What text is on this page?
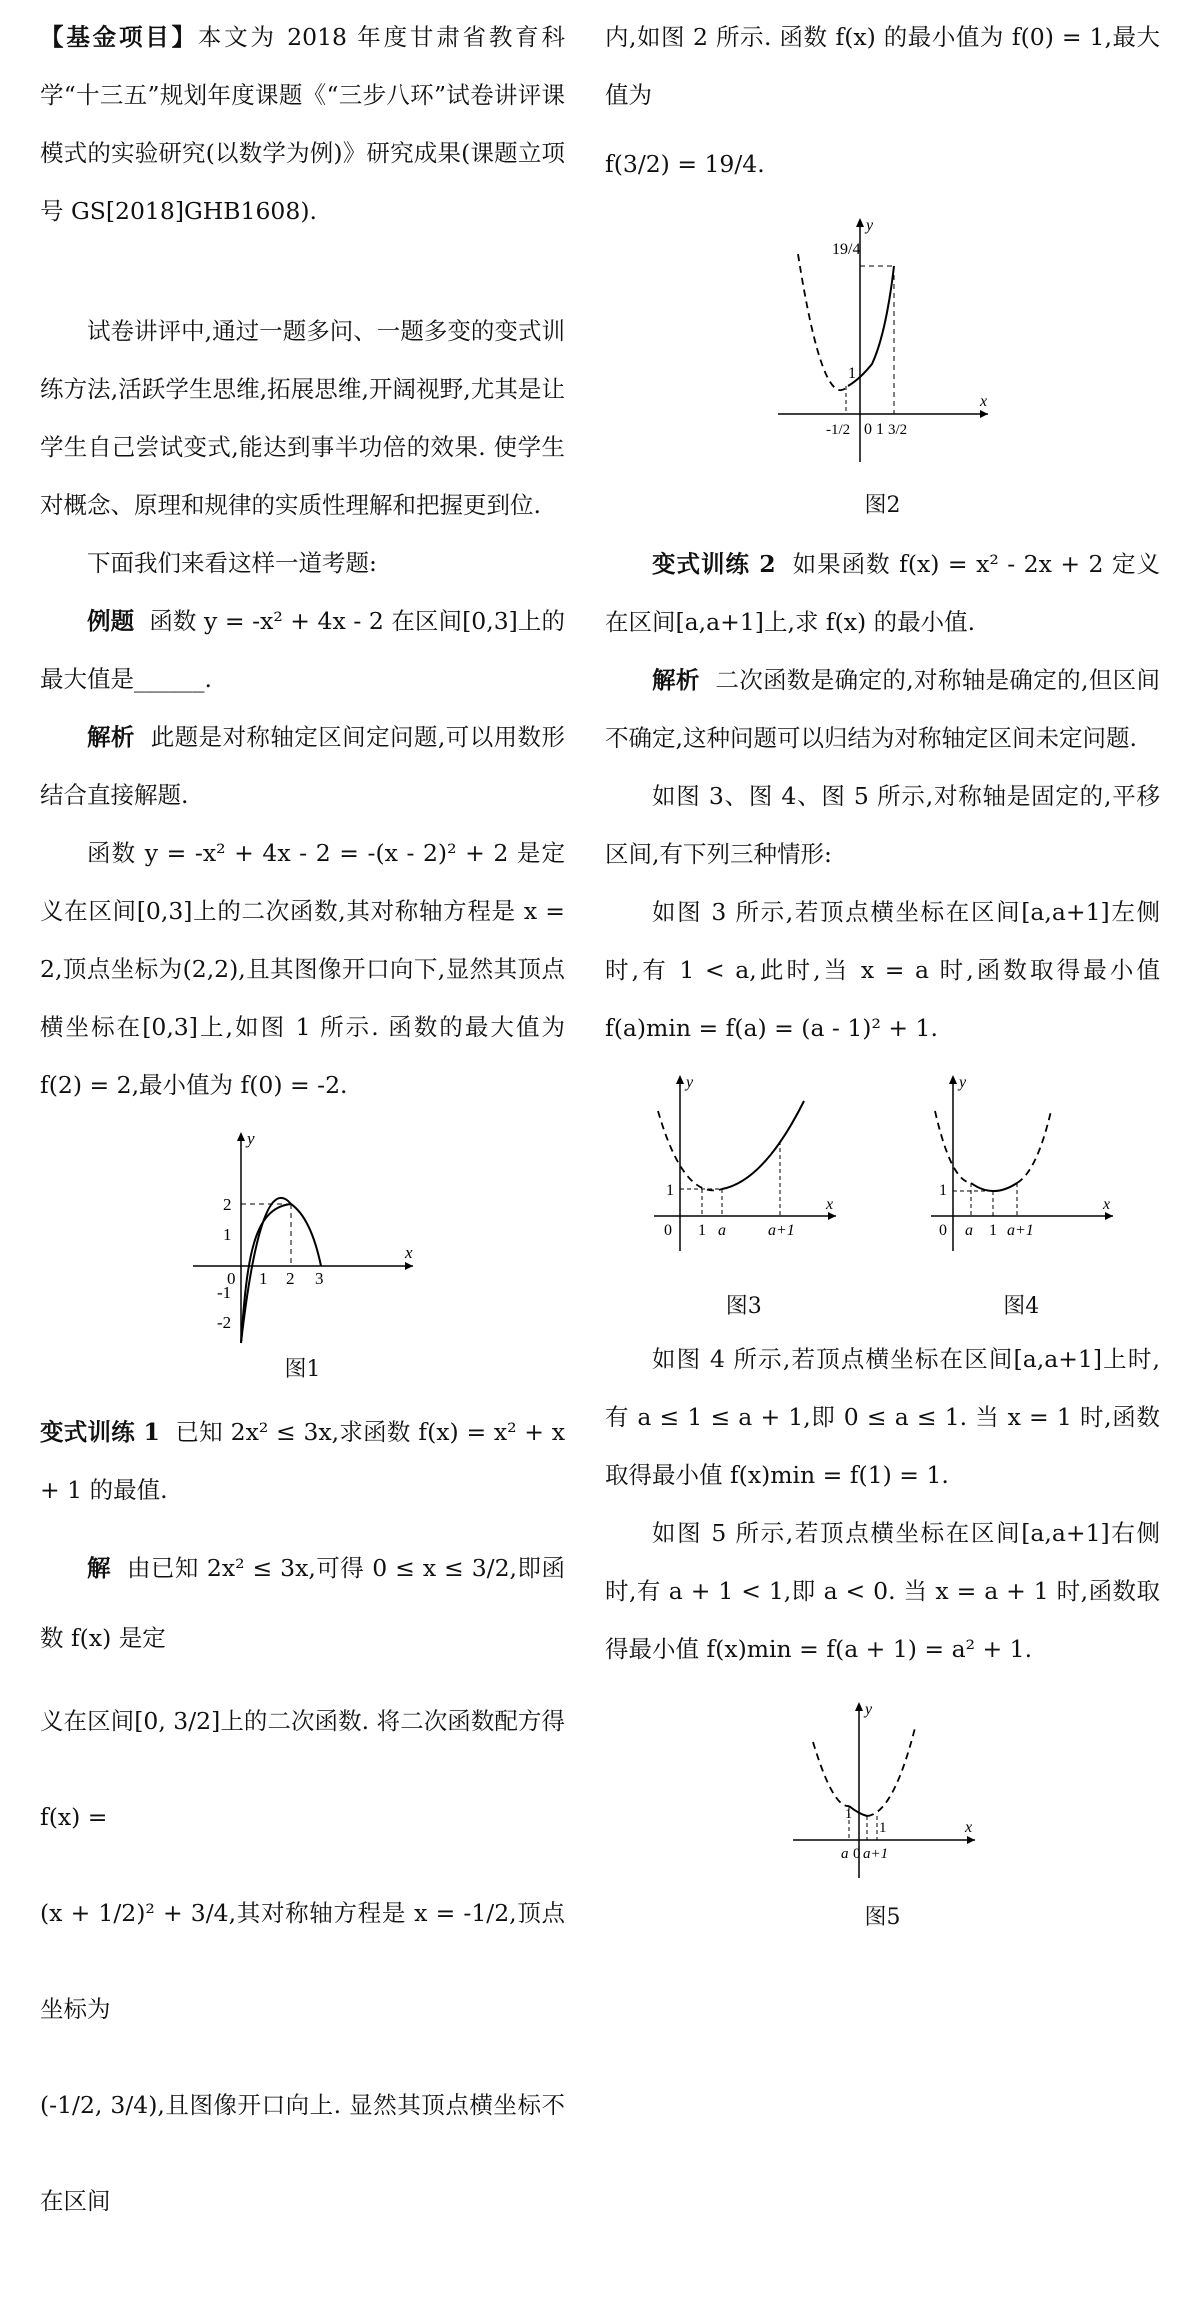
【基金项目】本文为 2018 年度甘肃省教育科学“十三五”规划年度课题《“三步八环”试卷讲评课模式的实验研究(以数学为例)》研究成果(课题立项号 GS[2018]GHB1608).

试卷讲评中,通过一题多问、一题多变的变式训练方法,活跃学生思维,拓展思维,开阔视野,尤其是让学生自己尝试变式,能达到事半功倍的效果. 使学生对概念、原理和规律的实质性理解和把握更到位.

下面我们来看这样一道考题:

例题 函数 y = -x² + 4x - 2 在区间[0,3]上的最大值是______.

解析 此题是对称轴定区间定问题,可以用数形结合直接解题.

函数 y = -x² + 4x - 2 = -(x - 2)² + 2 是定义在区间[0,3]上的二次函数,其对称轴方程是 x = 2,顶点坐标为(2,2),且其图像开口向下,显然其顶点横坐标在[0,3]上,如图 1 所示. 函数的最大值为 f(2) = 2,最小值为 f(0) = -2.

0 1 2 3
2
1
-1
-2
x
y

图1

变式训练 1 已知 2x² ≤ 3x,求函数 f(x) = x² + x + 1 的最值.

解 由已知 2x² ≤ 3x,可得 0 ≤ x ≤ 3/2,即函数 f(x) 是定

义在区间[0, 3/2]上的二次函数. 将二次函数配方得 f(x) =

(x + 1/2)² + 3/4,其对称轴方程是 x = -1/2,顶点坐标为

(-1/2, 3/4),且图像开口向上. 显然其顶点横坐标不在区间

内,如图 2 所示. 函数 f(x) 的最小值为 f(0) = 1,最大值为

f(3/2) = 19/4.

19/4
1
-1/2 0 1 3/2
x
y

图2

变式训练 2 如果函数 f(x) = x² - 2x + 2 定义在区间[a,a+1]上,求 f(x) 的最小值.

解析 二次函数是确定的,对称轴是确定的,但区间不确定,这种问题可以归结为对称轴定区间未定问题.

如图 3、图 4、图 5 所示,对称轴是固定的,平移区间,有下列三种情形:

如图 3 所示,若顶点横坐标在区间[a,a+1]左侧时,有 1 < a,此时,当 x = a 时,函数取得最小值 f(a)min = f(a) = (a - 1)² + 1.

1
0 1 a	a+1
x
y

图3

1
0 a 1 a+1
x
y

图4

如图 4 所示,若顶点横坐标在区间[a,a+1]上时,有 a ≤ 1 ≤ a + 1,即 0 ≤ a ≤ 1. 当 x = 1 时,函数取得最小值 f(x)min = f(1) = 1.

如图 5 所示,若顶点横坐标在区间[a,a+1]右侧时,有 a + 1 < 1,即 a < 0. 当 x = a + 1 时,函数取得最小值 f(x)min = f(a + 1) = a² + 1.

1
a 0 a+1
1	x
y

图5
